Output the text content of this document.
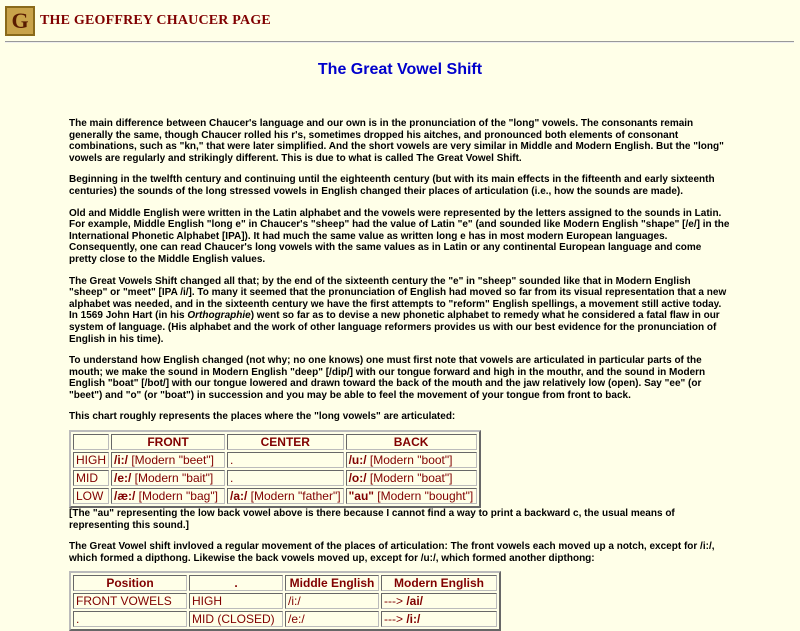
G THE GEOFFREY CHAUCER PAGE
The Great Vowel Shift

The main difference between Chaucer's language and our own is in the pronunciation of the "long" vowels. The consonants remain generally the same, though Chaucer rolled his r's, sometimes dropped his aitches, and pronounced both elements of consonant combinations, such as "kn," that were later simplified. And the short vowels are very similar in Middle and Modern English. But the "long" vowels are regularly and strikingly different. This is due to what is called The Great Vowel Shift.

Beginning in the twelfth century and continuing until the eighteenth century (but with its main effects in the fifteenth and early sixteenth centuries) the sounds of the long stressed vowels in English changed their places of articulation (i.e., how the sounds are made).

Old and Middle English were written in the Latin alphabet and the vowels were represented by the letters assigned to the sounds in Latin. For example, Middle English "long e" in Chaucer's "sheep" had the value of Latin "e" (and sounded like Modern English "shape" [/e/] in the International Phonetic Alphabet [IPA]). It had much the same value as written long e has in most modern European languages. Consequently, one can read Chaucer's long vowels with the same values as in Latin or any continental European language and come pretty close to the Middle English values.

The Great Vowels Shift changed all that; by the end of the sixteenth century the "e" in "sheep" sounded like that in Modern English "sheep" or "meet" [IPA /i/]. To many it seemed that the pronunciation of English had moved so far from its visual representation that a new alphabet was needed, and in the sixteenth century we have the first attempts to "reform" English spellings, a movement still active today. In 1569 John Hart (in his Orthographie) went so far as to devise a new phonetic alphabet to remedy what he considered a fatal flaw in our system of language. (His alphabet and the work of other language reformers provides us with our best evidence for the pronunciation of English in his time).

To understand how English changed (not why; no one knows) one must first note that vowels are articulated in particular parts of the mouth; we make the sound in Modern English "deep" [/dip/] with our tongue forward and high in the mouthr, and the sound in Modern English "boat" [/bot/] with our tongue lowered and drawn toward the back of the mouth and the jaw relatively low (open). Say "ee" (or "beet") and "o" (or "boat") in succession and you may be able to feel the movement of your tongue from front to back.

This chart roughly represents the places where the "long vowels" are articulated:

	FRONT	CENTER	BACK
HIGH	/i:/ [Modern "beet"]	.	/u:/ [Modern "boot"]
MID	/e:/ [Modern "bait"]	.	/o:/ [Modern "boat"]
LOW	/æ:/ [Modern "bag"]	/a:/ [Modern "father"]	"au" [Modern "bought"]

[The "au" representing the low back vowel above is there because I cannot find a way to print a backward c, the usual means of representing this sound.]

The Great Vowel shift invloved a regular movement of the places of articulation: The front vowels each moved up a notch, except for /i:/, which formed a dipthong. Likewise the back vowels moved up, except for /u:/, which formed another dipthong:

Position	.	Middle English	Modern English
FRONT VOWELS	HIGH	/i:/	---> /ai/
.	MID (CLOSED)	/e:/	---> /i:/
